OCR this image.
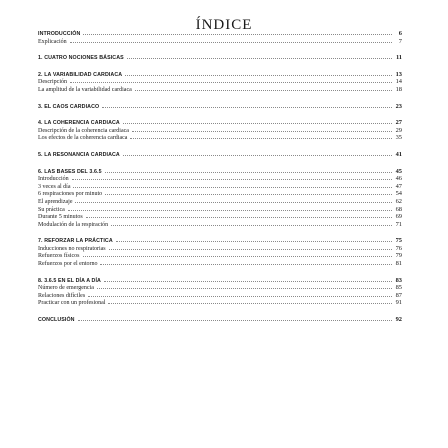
ÍNDICE
INTRODUCCIÓN	6
Explicación	7
1. CUATRO NOCIONES BÁSICAS	11
2. LA VARIABILIDAD CARDIACA	13
Descripción	14
La amplitud de la variabilidad cardiaca	18
3. EL CAOS CARDIACO	23
4. LA COHERENCIA CARDIACA	27
Descripción de la coherencia cardiaca	29
Los efectos de la coherencia cardiaca	35
5. LA RESONANCIA CARDIACA	41
6. LAS BASES DEL 3.6.5	45
Introducción	46
3 veces al día	47
6 respiraciones por minuto	54
El aprendizaje	62
Su práctica	68
Durante 5 minutos	69
Modulación de la respiración	71
7. REFORZAR LA PRÁCTICA	75
Inducciones no respiratorias	76
Refuerzos físicos	79
Refuerzos por el entorno	81
8. 3.6.5 EN EL DÍA A DÍA	83
Número de emergencia	85
Relaciones difíciles	87
Practicar con un profesional	91
CONCLUSIÓN	92
